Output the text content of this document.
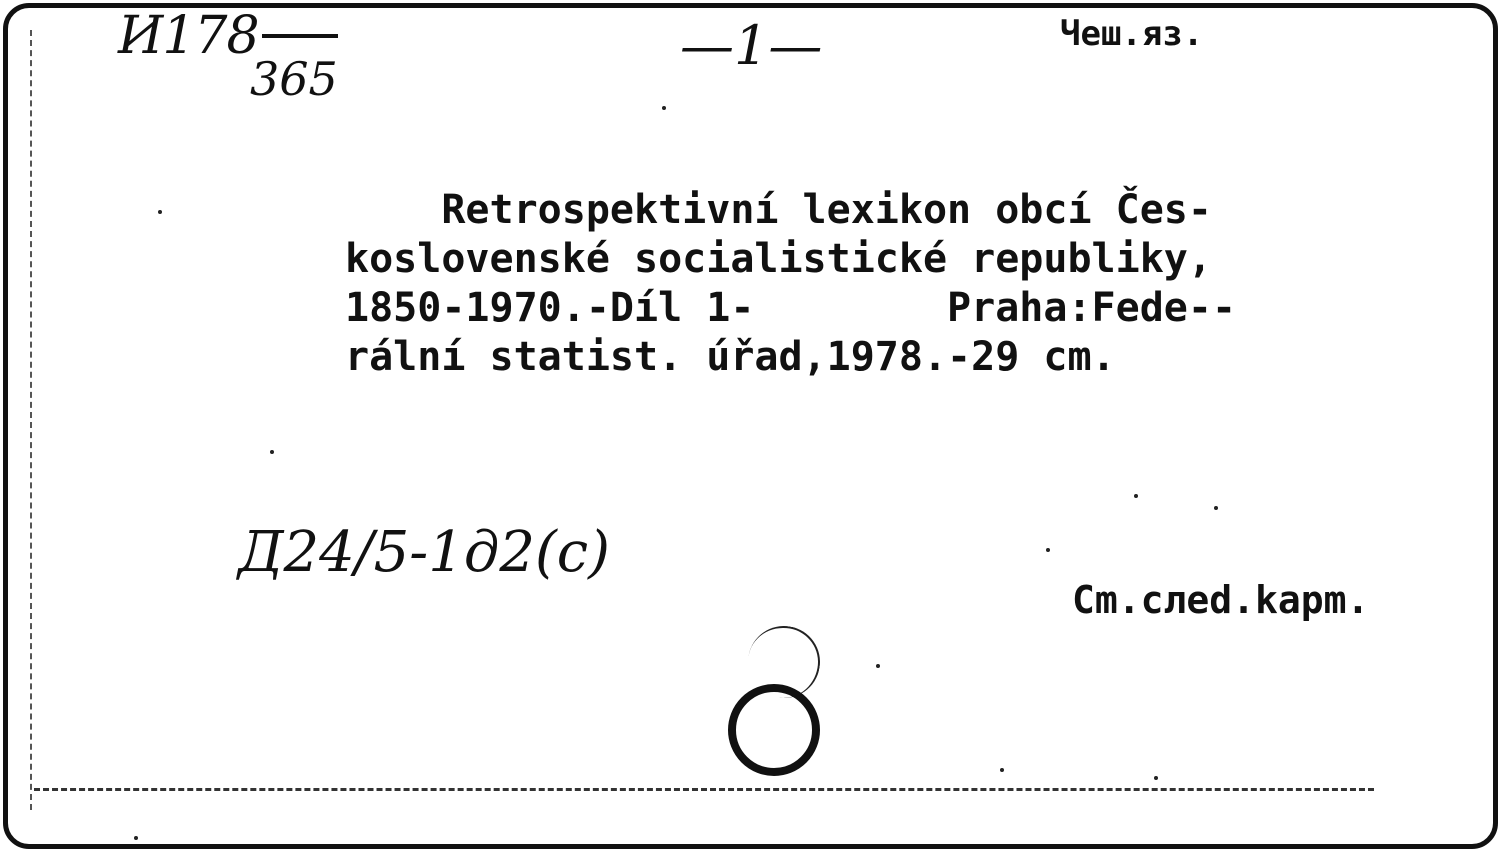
И178
365
—1—	Чеш.яз.
Retrospektivní lexikon obcí Čes-
koslovenské socialistické republiky,
1850-1970.-Díl 1-        Praha:Fede--
rální statist. úřad,1978.-29 cm.
Д24/5-1д2(с)
Cm.слеd.kapm.
